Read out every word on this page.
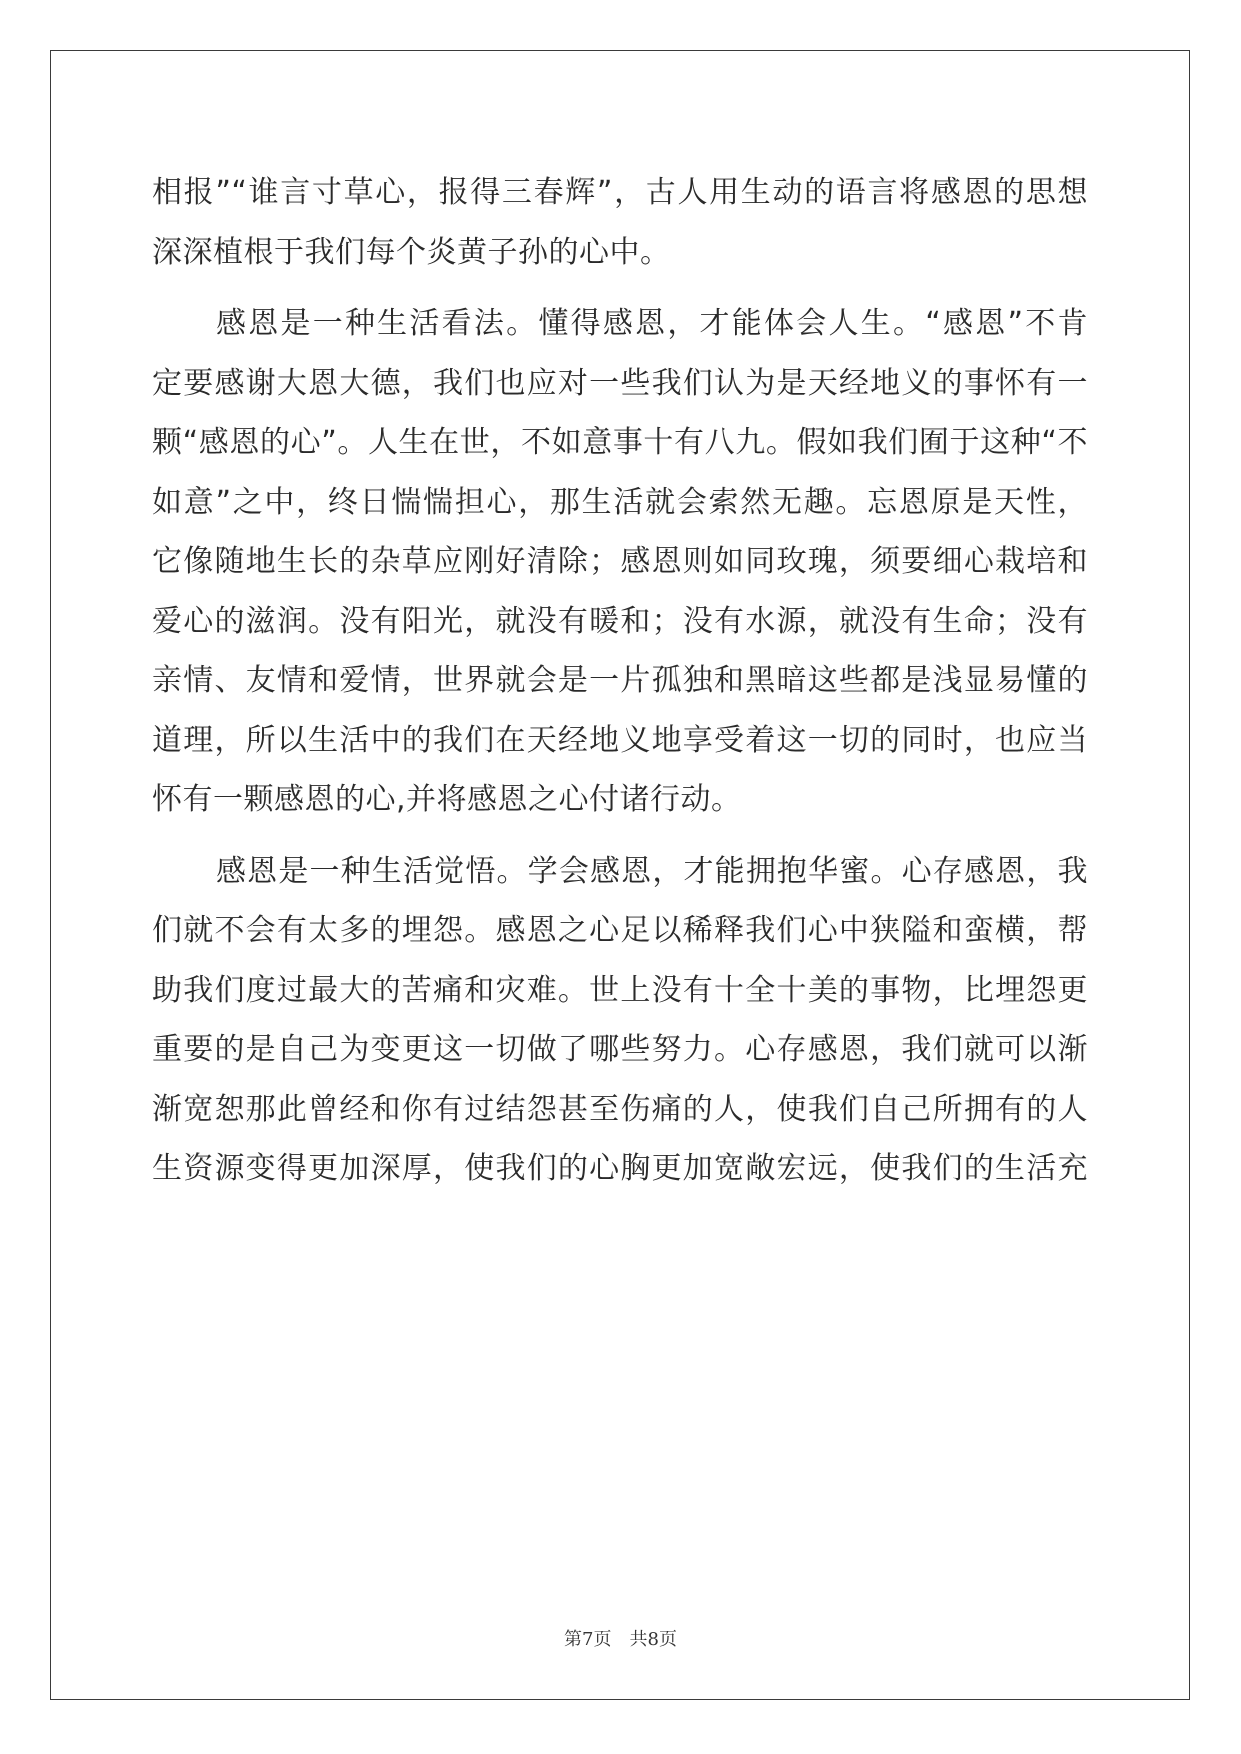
相报”“谁言寸草心，报得三春辉”，古人用生动的语言将感恩的思想
深深植根于我们每个炎黄子孙的心中。
感恩是一种生活看法。懂得感恩，才能体会人生。“感恩”不肯
定要感谢大恩大德，我们也应对一些我们认为是天经地义的事怀有一
颗“感恩的心”。人生在世，不如意事十有八九。假如我们囿于这种“不
如意”之中，终日惴惴担心，那生活就会索然无趣。忘恩原是天性，
它像随地生长的杂草应刚好清除；感恩则如同玫瑰，须要细心栽培和
爱心的滋润。没有阳光，就没有暖和；没有水源，就没有生命；没有
亲情、友情和爱情，世界就会是一片孤独和黑暗这些都是浅显易懂的
道理，所以生活中的我们在天经地义地享受着这一切的同时，也应当
怀有一颗感恩的心,并将感恩之心付诸行动。
感恩是一种生活觉悟。学会感恩，才能拥抱华蜜。心存感恩，我
们就不会有太多的埋怨。感恩之心足以稀释我们心中狭隘和蛮横，帮
助我们度过最大的苦痛和灾难。世上没有十全十美的事物，比埋怨更
重要的是自己为变更这一切做了哪些努力。心存感恩，我们就可以渐
渐宽恕那此曾经和你有过结怨甚至伤痛的人，使我们自己所拥有的人
生资源变得更加深厚，使我们的心胸更加宽敞宏远，使我们的生活充
第7页　共8页
